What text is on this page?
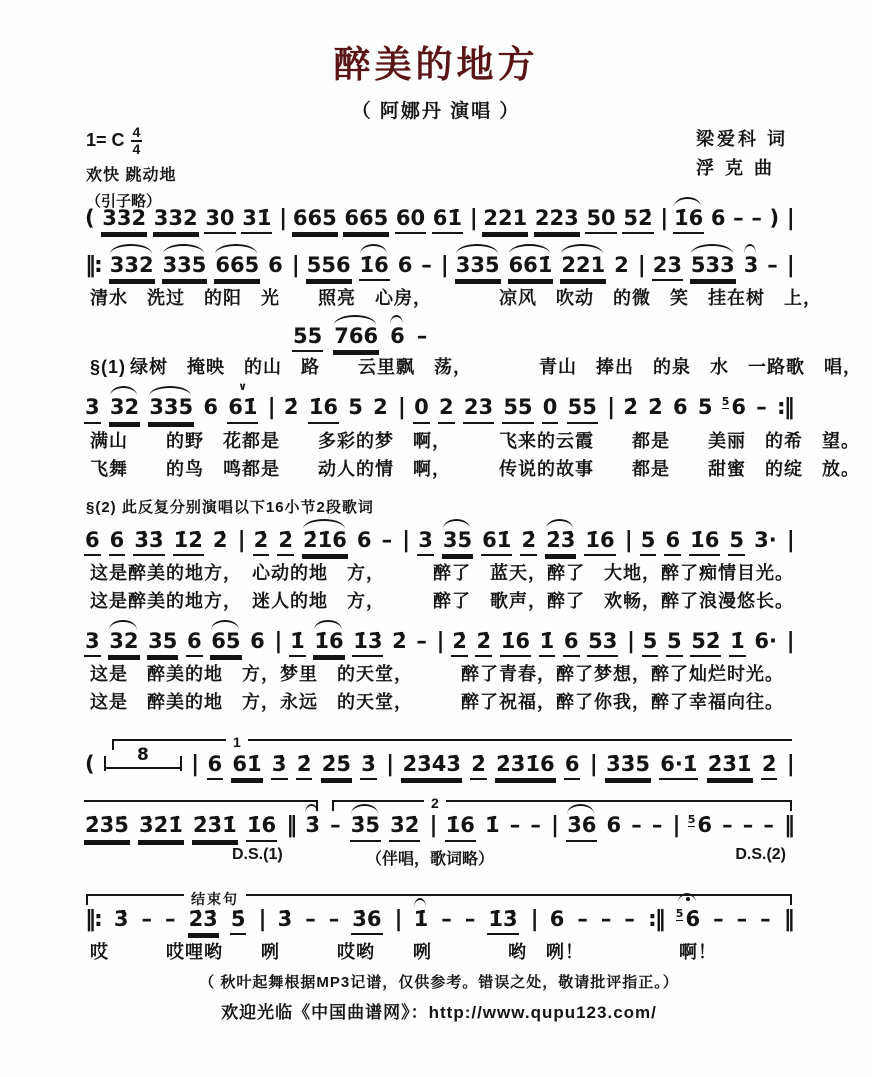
醉美的地方
（ 阿娜丹 演唱 ）
1= C $\frac{4}{4}$
欢快 跳动地
（引子略）
梁爱科 词
浮 克 曲
( 332 332 30 31̇ | 665 665 60 61̇ | 221 223 50 52̇ | 1̇6 6 – – ) |
‖: 332 335 665 6 | 556 1̇6 6 – | 335 661̇ 221 2 | 23 533 3 – |
清水　洗过　的阳　光　　照亮　心房，　　　　凉风　吹动　的微　笑　挂在树　上，
55 766 6 –
§(1) 绿树　掩映　的山　路　　云里飘　荡，　　　　青山　捧出　的泉　水　一路歌　唱，
3 32 335 6 61̇
∨
| 2̇ 1̇6 5 2 | 0 2 23 55 0 55 | 2̇ 2̇ 6 5 $^5$6 – :‖
满山　　的野　花都是　　多彩的梦　啊，　　　飞来的云霞　　都是　　美丽　的希　望。
飞舞　　的鸟　鸣都是　　动人的情　啊，　　　传说的故事　　都是　　甜蜜　的绽　放。
§(2) 此反复分别演唱以下16小节2段歌词
6 6 3̇3̇ 1̇2̇ 2̇ | 2̇ 2̇ 2̇1̇6 6 – | 3 35 61̇ 2̇ 2̇3̇ 1̇6 | 5 6 1̇6 5 3· |
这是醉美的地方，　心动的地　方，　　　醉了　蓝天，醉了　大地，醉了痴情目光。
这是醉美的地方，　迷人的地　方，　　　醉了　歌声，醉了　欢畅，醉了浪漫悠长。
3 32 35 6 65 6 | 1̇ 1̇6 1̇3̇ 2̇ – | 2̇ 2̇ 1̇6 1̇ 6 53 | 5 5 52̇ 1̇ 6· |
这是　醉美的地　方，梦里　的天堂，　　　醉了青春，醉了梦想，醉了灿烂时光。
这是　醉美的地　方，永远　的天堂，　　　醉了祝福，醉了你我，醉了幸福向往。
1
( 8 | 6 61̇ 3̇ 2̇ 2̇5̇ 3̇ | 2̇3̇4̇3̇ 2̇ 2̇3̇1̇6 6 | 3̇3̇5 6·1̇ 2̇3̇1̇ 2̇ |
2
2̇3̇5̇ 3̇2̇1̇ 2̇3̇1̇ 1̇6 ‖ 3̇ – 3̇5 3̇2̇ | 1̇6 1̇ – – | 3̇6 6 – – | $^5$6̇ – – – ‖
D.S.(1)	（伴唱，歌词略）	D.S.(2)
结束句
‖: 3̇ – – 2̇3̇ 5̇ | 3̇ – – 3̇6 | 1̇ – – 1̇3̇ | 6 – – – :‖ $^5$6̇ – – – ‖
哎　　　哎哩哟　　咧　　　哎哟　　咧　　　　哟　咧！　　　　　啊！
（ 秋叶起舞根据MP3记谱，仅供参考。错误之处，敬请批评指正。）
欢迎光临《中国曲谱网》：http://www.qupu123.com/
